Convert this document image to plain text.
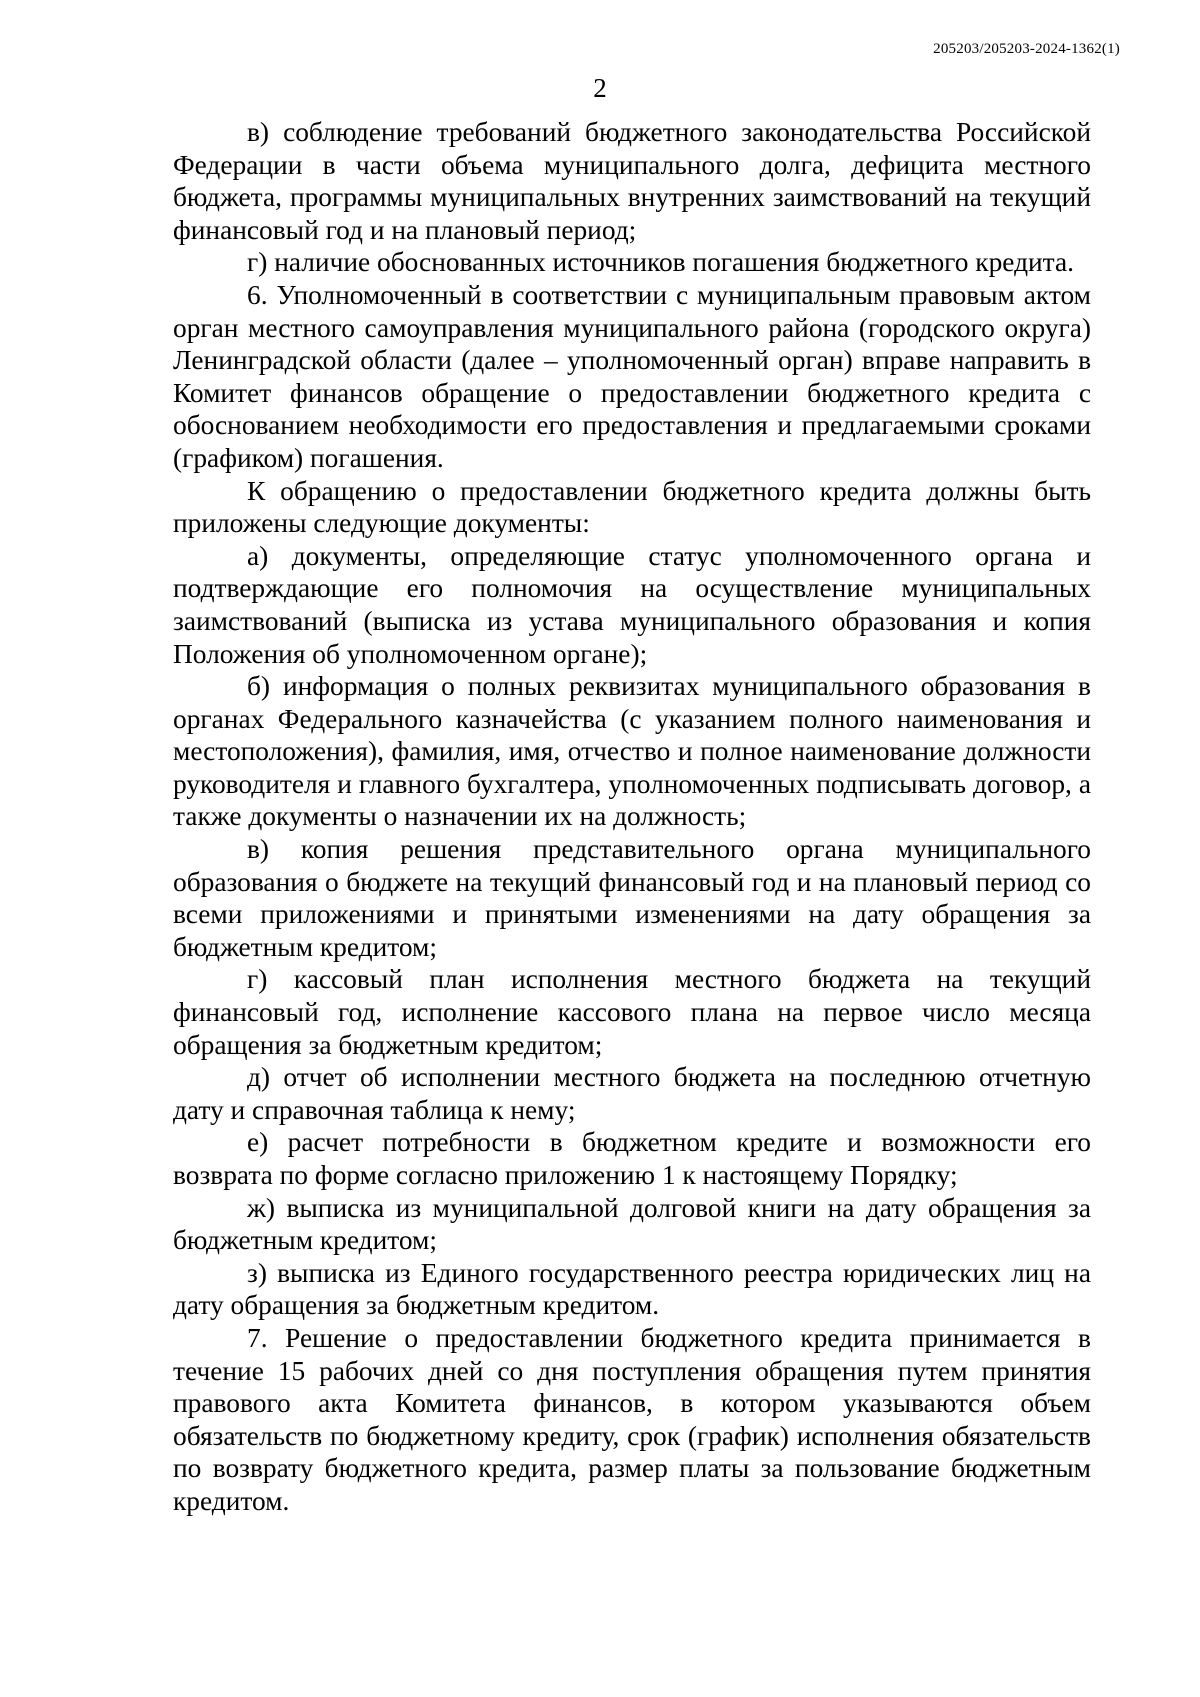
205203/205203-2024-1362(1)
2

в) соблюдение требований бюджетного законодательства Российской Федерации в части объема муниципального долга, дефицита местного бюджета, программы муниципальных внутренних заимствований на текущий финансовый год и на плановый период;

г) наличие обоснованных источников погашения бюджетного кредита.

6. Уполномоченный в соответствии с муниципальным правовым актом орган местного самоуправления муниципального района (городского округа) Ленинградской области (далее – уполномоченный орган) вправе направить в Комитет финансов обращение о предоставлении бюджетного кредита с обоснованием необходимости его предоставления и предлагаемыми сроками (графиком) погашения.

К обращению о предоставлении бюджетного кредита должны быть приложены следующие документы:

а) документы, определяющие статус уполномоченного органа и подтверждающие его полномочия на осуществление муниципальных заимствований (выписка из устава муниципального образования и копия Положения об уполномоченном органе);

б) информация о полных реквизитах муниципального образования в органах Федерального казначейства (с указанием полного наименования и местоположения), фамилия, имя, отчество и полное наименование должности руководителя и главного бухгалтера, уполномоченных подписывать договор, а также документы о назначении их на должность;

в) копия решения представительного органа муниципального образования о бюджете на текущий финансовый год и на плановый период со всеми приложениями и принятыми изменениями на дату обращения за бюджетным кредитом;

г) кассовый план исполнения местного бюджета на текущий финансовый год, исполнение кассового плана на первое число месяца обращения за бюджетным кредитом;

д) отчет об исполнении местного бюджета на последнюю отчетную дату и справочная таблица к нему;

е) расчет потребности в бюджетном кредите и возможности его возврата по форме согласно приложению 1 к настоящему Порядку;

ж) выписка из муниципальной долговой книги на дату обращения за бюджетным кредитом;

з) выписка из Единого государственного реестра юридических лиц на дату обращения за бюджетным кредитом.

7. Решение о предоставлении бюджетного кредита принимается в течение 15 рабочих дней со дня поступления обращения путем принятия правового акта Комитета финансов, в котором указываются объем обязательств по бюджетному кредиту, срок (график) исполнения обязательств по возврату бюджетного кредита, размер платы за пользование бюджетным кредитом.
